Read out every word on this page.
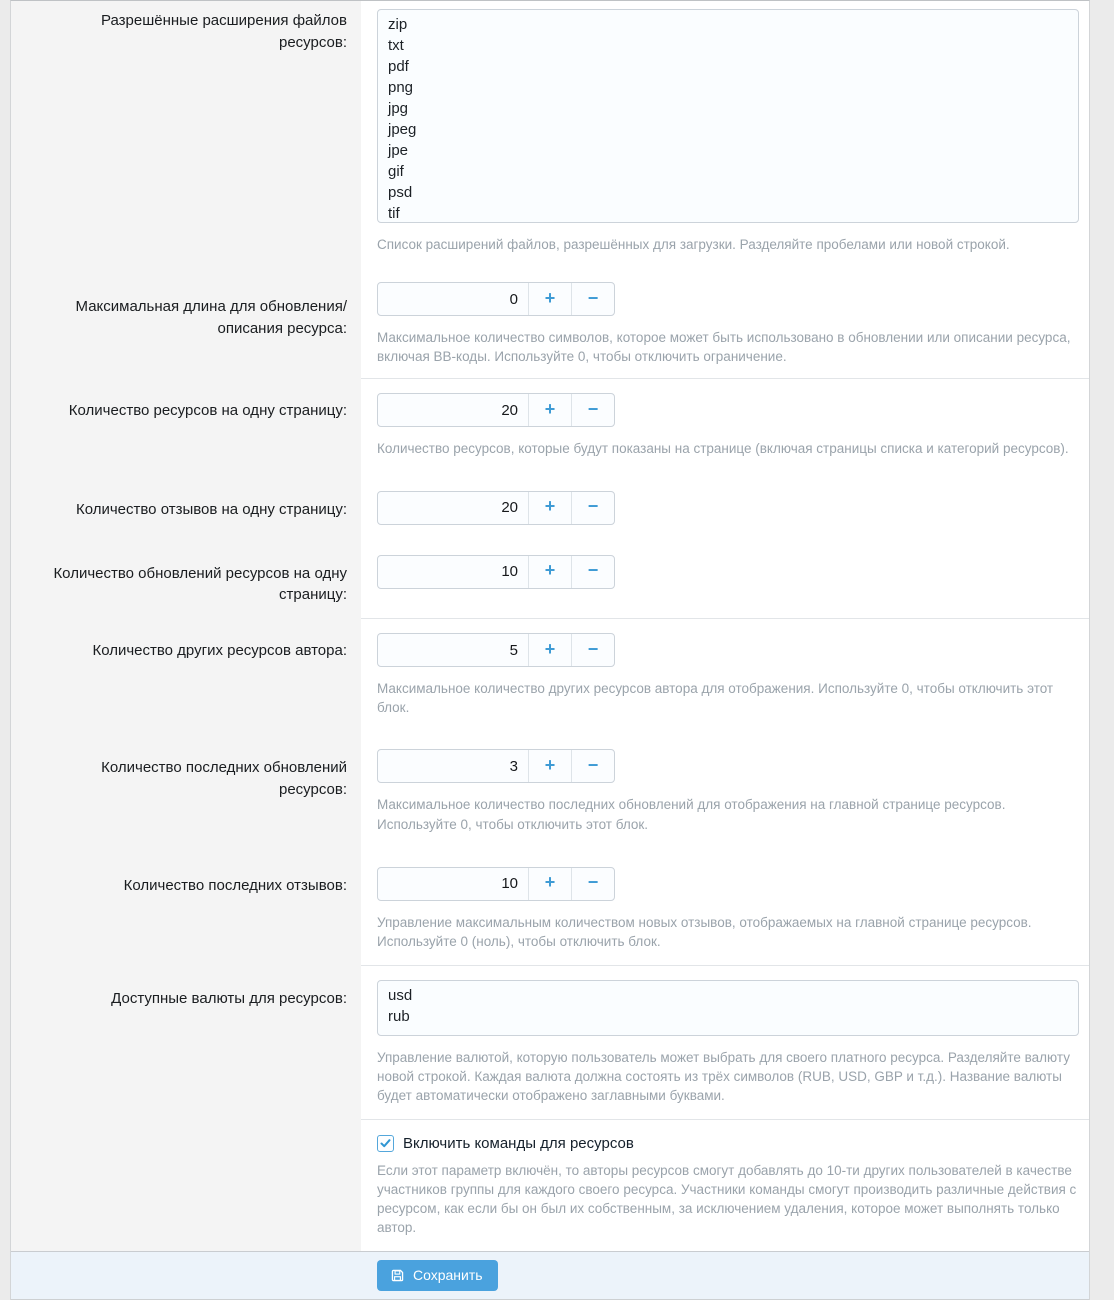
Разрешённые расширения файлов ресурсов:
zip txt pdf png jpg jpeg jpe gif psd tif

Список расширений файлов, разрешённых для загрузки. Разделяйте пробелами или новой строкой.

Максимальная длина для обновления/описания ресурса:
0
+ −

Максимальное количество символов, которое может быть использовано в обновлении или описании ресурса, включая BB-коды. Используйте 0, чтобы отключить ограничение.

Количество ресурсов на одну страницу:
20	+ −

Количество ресурсов, которые будут показаны на странице (включая страницы списка и категорий ресурсов).

Количество отзывов на одну страницу:
20	+ −
Количество обновлений ресурсов на одну страницу:
10
+ −
Количество других ресурсов автора:
5	+ −

Максимальное количество других ресурсов автора для отображения. Используйте 0, чтобы отключить этот блок.

Количество последних обновлений ресурсов:
3
+ −

Максимальное количество последних обновлений для отображения на главной странице ресурсов. Используйте 0, чтобы отключить этот блок.

Количество последних отзывов:
10	+ −

Управление максимальным количеством новых отзывов, отображаемых на главной странице ресурсов. Используйте 0 (ноль), чтобы отключить блок.

Доступные валюты для ресурсов:
usd rub

Управление валютой, которую пользователь может выбрать для своего платного ресурса. Разделяйте валюту новой строкой. Каждая валюта должна состоять из трёх символов (RUB, USD, GBP и т.д.). Название валюты будет автоматически отображено заглавными буквами.

Включить команды для ресурсов

Если этот параметр включён, то авторы ресурсов смогут добавлять до 10-ти других пользователей в качестве участников группы для каждого своего ресурса. Участники команды смогут производить различные действия с ресурсом, как если бы он был их собственным, за исключением удаления, которое может выполнять только автор.

Сохранить
